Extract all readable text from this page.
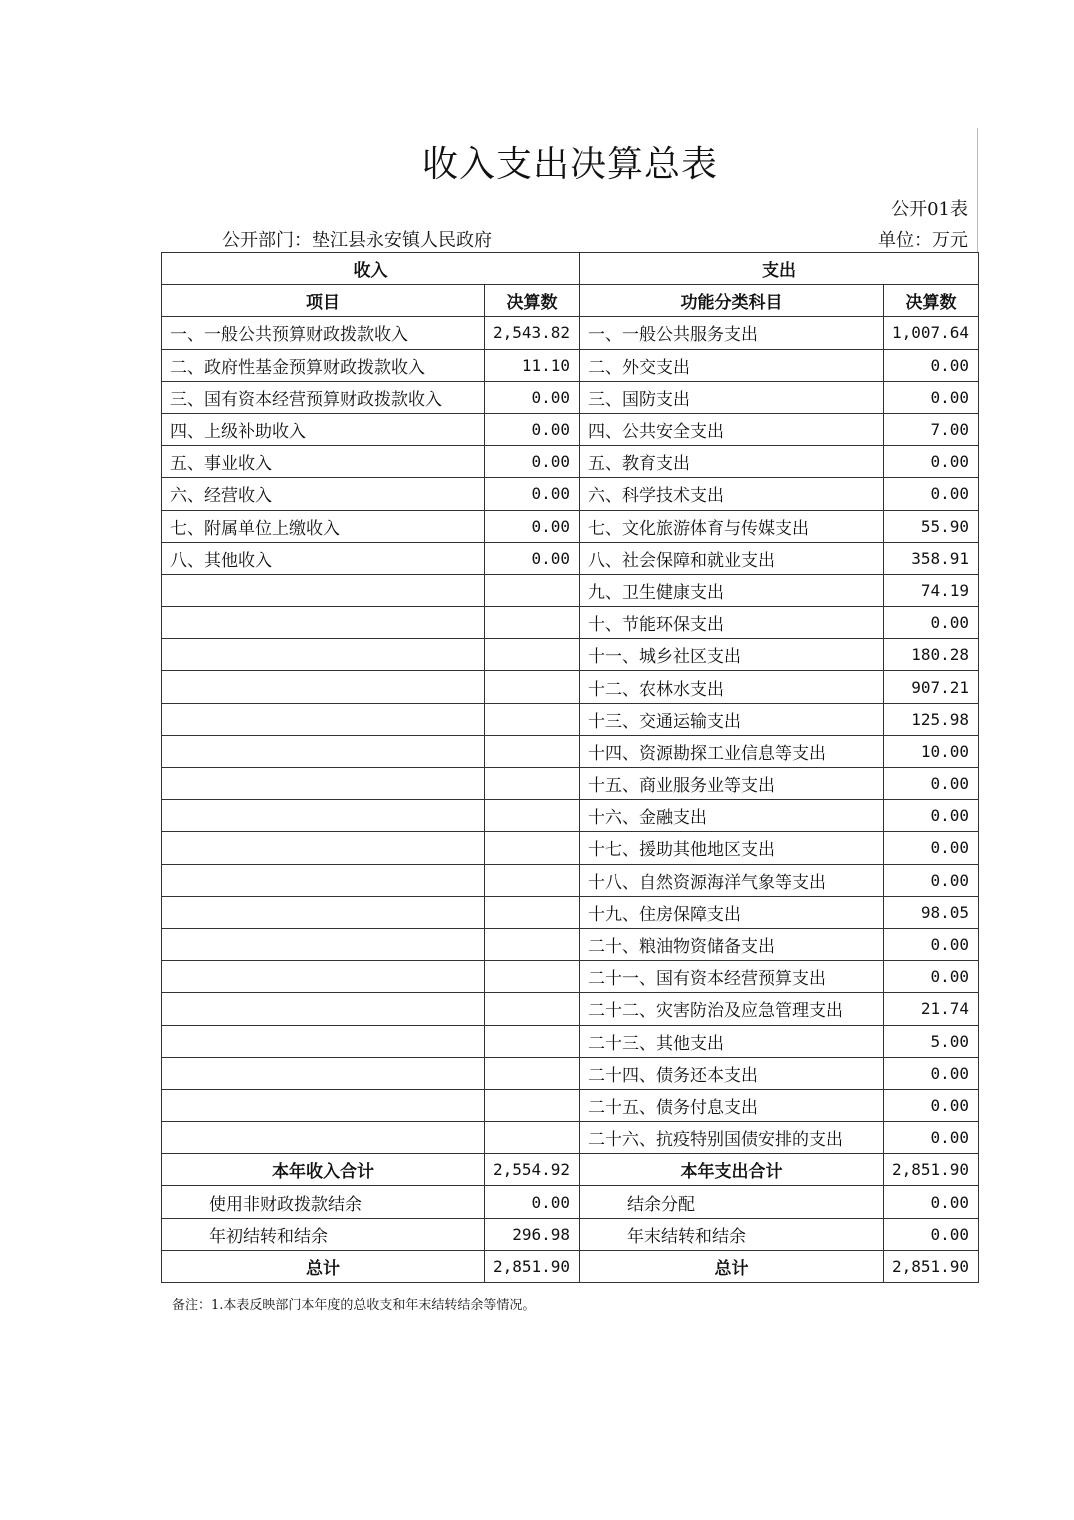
收入支出决算总表
公开01表
公开部门：垫江县永安镇人民政府	单位：万元
收入		支出	
项目	决算数	功能分类科目	决算数
一、一般公共预算财政拨款收入	2,543.82	一、一般公共服务支出	1,007.64
二、政府性基金预算财政拨款收入	11.10	二、外交支出	0.00
三、国有资本经营预算财政拨款收入	0.00	三、国防支出	0.00
四、上级补助收入	0.00	四、公共安全支出	7.00
五、事业收入	0.00	五、教育支出	0.00
六、经营收入	0.00	六、科学技术支出	0.00
七、附属单位上缴收入	0.00	七、文化旅游体育与传媒支出	55.90
八、其他收入	0.00	八、社会保障和就业支出	358.91
		九、卫生健康支出	74.19
		十、节能环保支出	0.00
		十一、城乡社区支出	180.28
		十二、农林水支出	907.21
		十三、交通运输支出	125.98
		十四、资源勘探工业信息等支出	10.00
		十五、商业服务业等支出	0.00
		十六、金融支出	0.00
		十七、援助其他地区支出	0.00
		十八、自然资源海洋气象等支出	0.00
		十九、住房保障支出	98.05
		二十、粮油物资储备支出	0.00
		二十一、国有资本经营预算支出	0.00
		二十二、灾害防治及应急管理支出	21.74
		二十三、其他支出	5.00
		二十四、债务还本支出	0.00
		二十五、债务付息支出	0.00
		二十六、抗疫特别国债安排的支出	0.00
本年收入合计	2,554.92	本年支出合计	2,851.90
使用非财政拨款结余	0.00	结余分配	0.00
年初结转和结余	296.98	年末结转和结余	0.00
总计	2,851.90	总计	2,851.90
备注：1.本表反映部门本年度的总收支和年末结转结余等情况。
